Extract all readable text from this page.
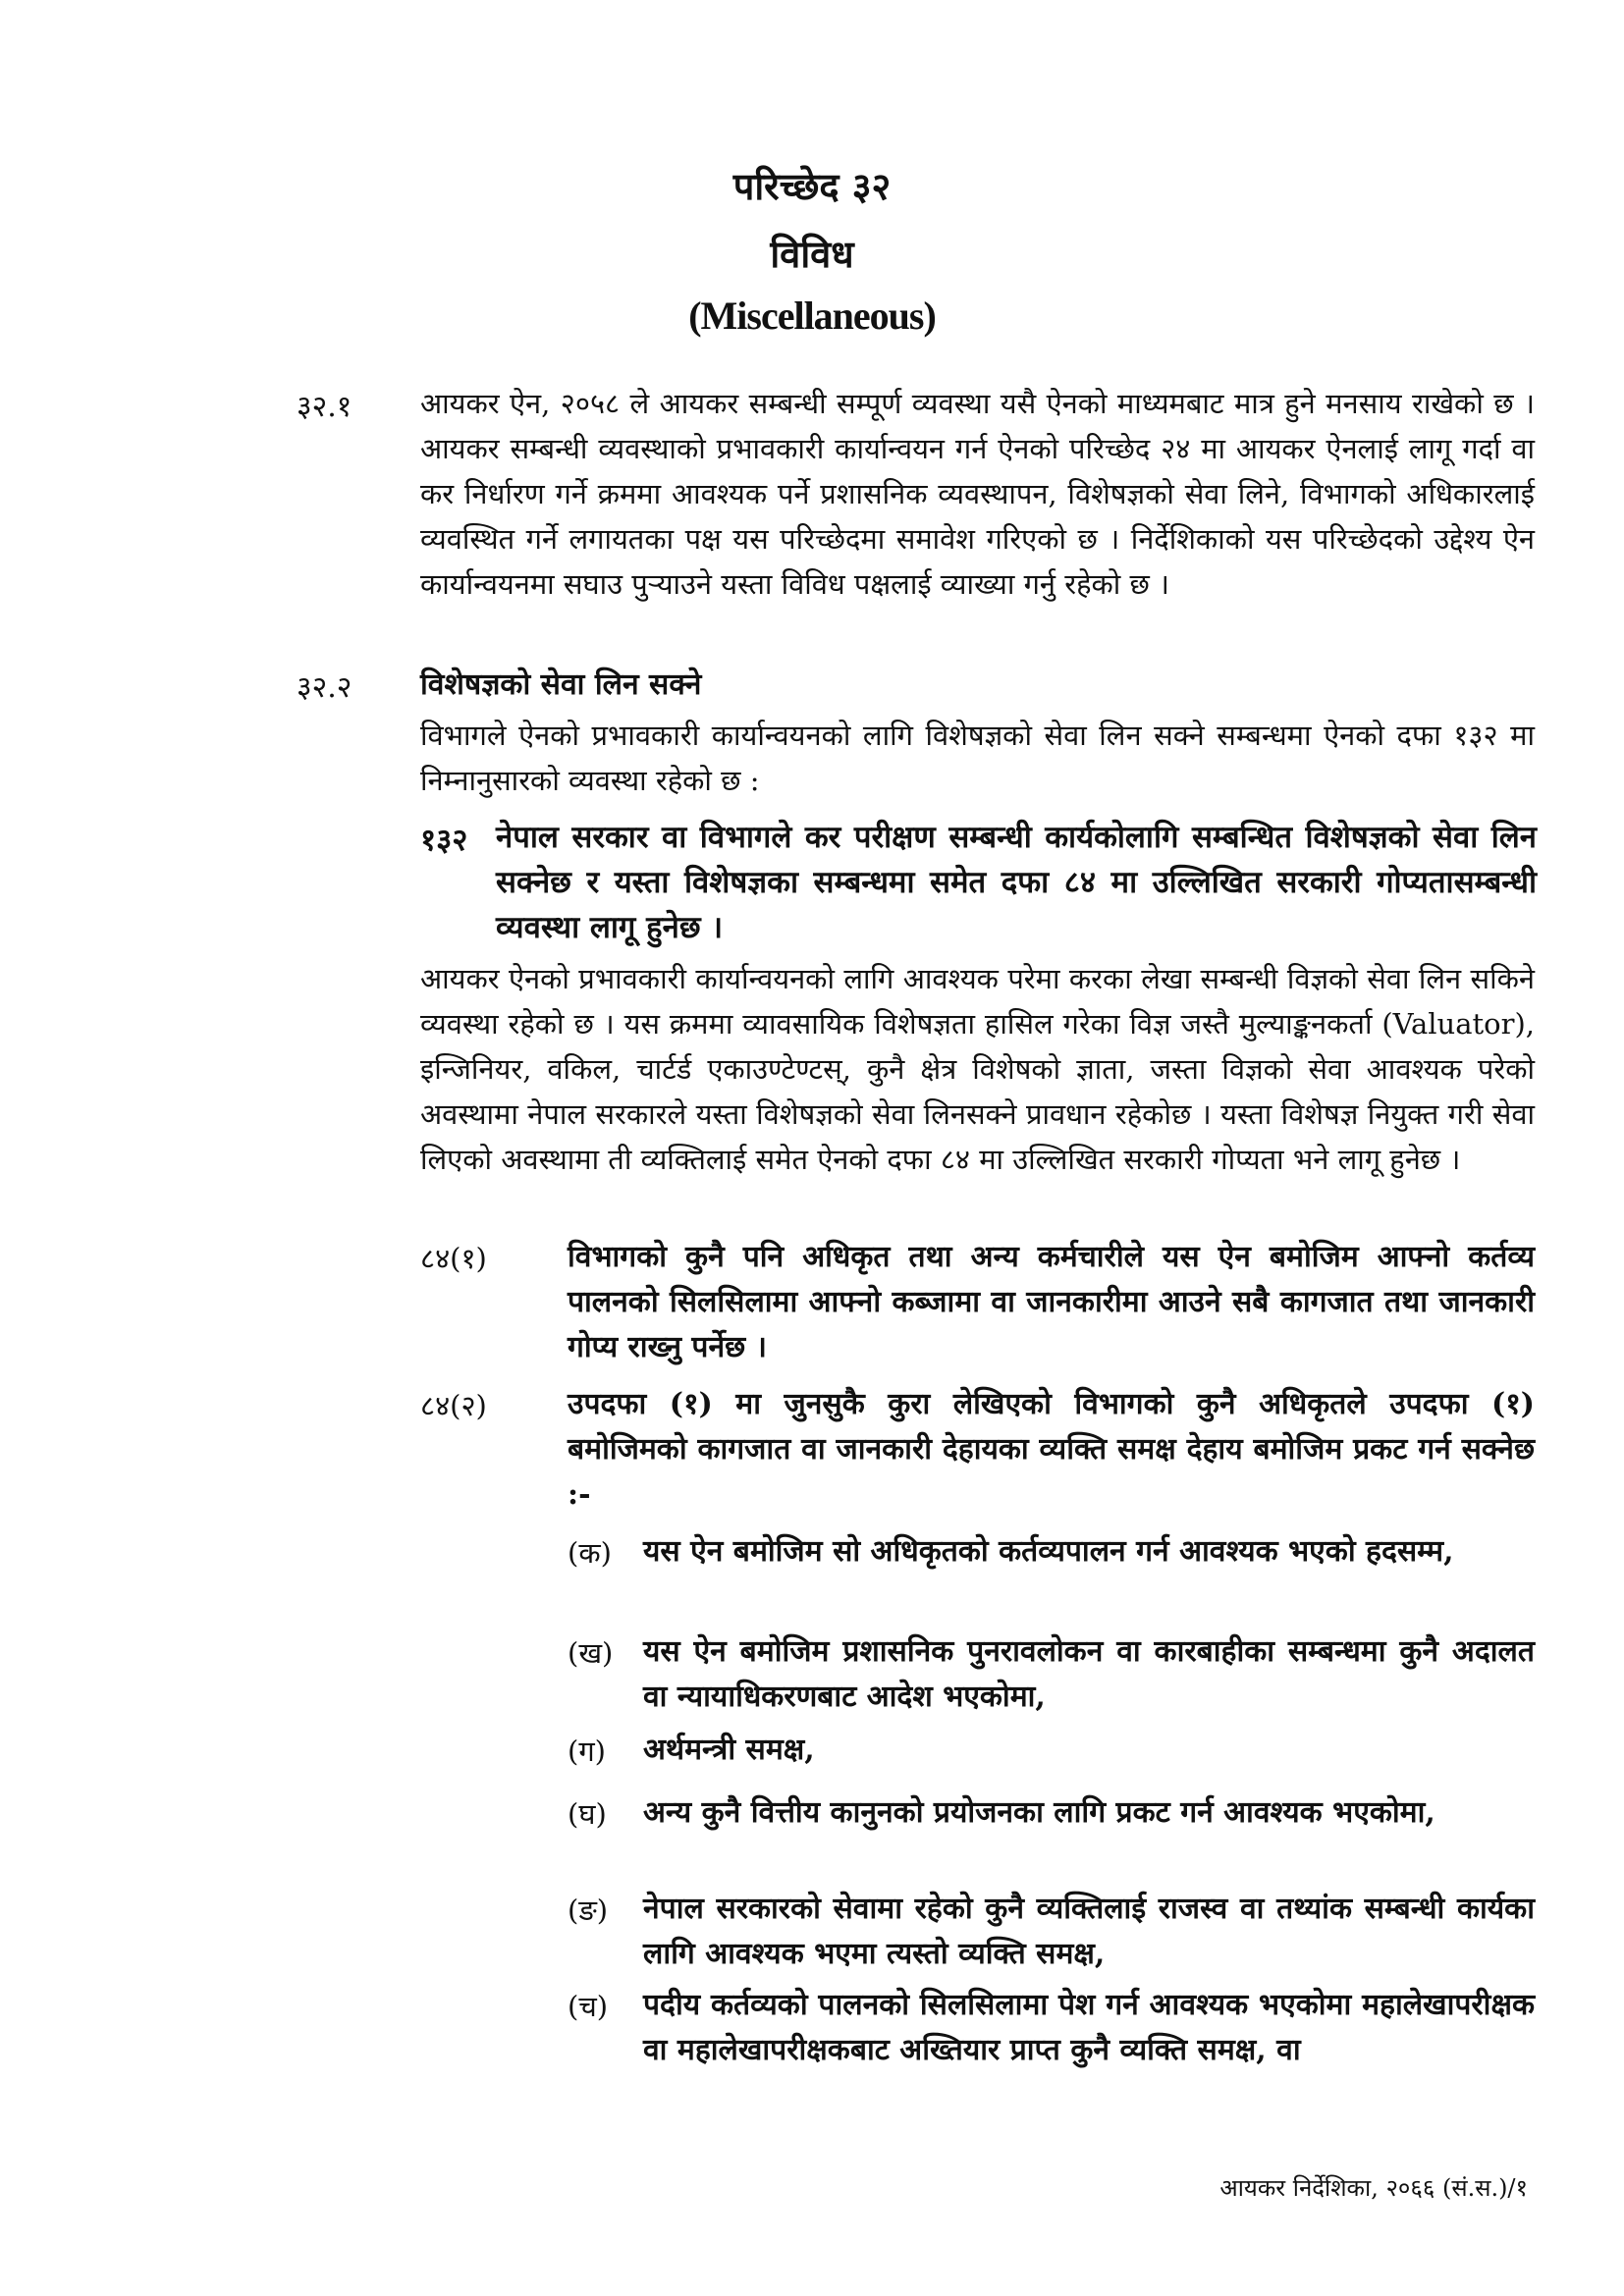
परिच्छेद ३२
विविध
(Miscellaneous)
३२.१ आयकर ऐन, २०५८ ले आयकर सम्बन्धी सम्पूर्ण व्यवस्था यसै ऐनको माध्यमबाट मात्र हुने मनसाय राखेको छ । आयकर सम्बन्धी व्यवस्थाको प्रभावकारी कार्यान्वयन गर्न ऐनको परिच्छेद २४ मा आयकर ऐनलाई लागू गर्दा वा कर निर्धारण गर्ने क्रममा आवश्यक पर्ने प्रशासनिक व्यवस्थापन, विशेषज्ञको सेवा लिने, विभागको अधिकारलाई व्यवस्थित गर्ने लगायतका पक्ष यस परिच्छेदमा समावेश गरिएको छ । निर्देशिकाको यस परिच्छेदको उद्देश्य ऐन कार्यान्वयनमा सघाउ पुऱ्याउने यस्ता विविध पक्षलाई व्याख्या गर्नु रहेको छ ।
३२.२ विशेषज्ञको सेवा लिन सक्ने
विभागले ऐनको प्रभावकारी कार्यान्वयनको लागि विशेषज्ञको सेवा लिन सक्ने सम्बन्धमा ऐनको दफा १३२ मा निम्नानुसारको व्यवस्था रहेको छ :
१३२ नेपाल सरकार वा विभागले कर परीक्षण सम्बन्धी कार्यकोलागि सम्बन्धित विशेषज्ञको सेवा लिन सक्नेछ र यस्ता विशेषज्ञका सम्बन्धमा समेत दफा ८४ मा उल्लिखित सरकारी गोप्यतासम्बन्धी व्यवस्था लागू हुनेछ ।
आयकर ऐनको प्रभावकारी कार्यान्वयनको लागि आवश्यक परेमा करका लेखा सम्बन्धी विज्ञको सेवा लिन सकिने व्यवस्था रहेको छ । यस क्रममा व्यावसायिक विशेषज्ञता हासिल गरेका विज्ञ जस्तै मुल्याङ्कनकर्ता (Valuator), इन्जिनियर, वकिल, चार्टर्ड एकाउण्टेण्टस्, कुनै क्षेत्र विशेषको ज्ञाता, जस्ता विज्ञको सेवा आवश्यक परेको अवस्थामा नेपाल सरकारले यस्ता विशेषज्ञको सेवा लिनसक्ने प्रावधान रहेकोछ । यस्ता विशेषज्ञ नियुक्त गरी सेवा लिएको अवस्थामा ती व्यक्तिलाई समेत ऐनको दफा ८४ मा उल्लिखित सरकारी गोप्यता भने लागू हुनेछ ।
८४(१)	विभागको कुनै पनि अधिकृत तथा अन्य कर्मचारीले यस ऐन बमोजिम आफ्नो कर्तव्य पालनको सिलसिलामा आफ्नो कब्जामा वा जानकारीमा आउने सबै कागजात तथा जानकारी गोप्य राख्नु पर्नेछ ।
८४(२)	उपदफा (१) मा जुनसुकै कुरा लेखिएको विभागको कुनै अधिकृतले उपदफा (१) बमोजिमको कागजात वा जानकारी देहायका व्यक्ति समक्ष देहाय बमोजिम प्रकट गर्न सक्नेछ :-
(क) यस ऐन बमोजिम सो अधिकृतको कर्तव्यपालन गर्न आवश्यक भएको हदसम्म,
(ख) यस ऐन बमोजिम प्रशासनिक पुनरावलोकन वा कारबाहीका सम्बन्धमा कुनै अदालत वा न्यायाधिकरणबाट आदेश भएकोमा,
(ग) अर्थमन्त्री समक्ष,
(घ) अन्य कुनै वित्तीय कानुनको प्रयोजनका लागि प्रकट गर्न आवश्यक भएकोमा,
(ङ) नेपाल सरकारको सेवामा रहेको कुनै व्यक्तिलाई राजस्व वा तथ्यांक सम्बन्धी कार्यका लागि आवश्यक भएमा त्यस्तो व्यक्ति समक्ष,
(च) पदीय कर्तव्यको पालनको सिलसिलामा पेश गर्न आवश्यक भएकोमा महालेखापरीक्षक वा महालेखापरीक्षकबाट अख्तियार प्राप्त कुनै व्यक्ति समक्ष, वा
आयकर निर्देशिका, २०६६ (सं.स.)/१
